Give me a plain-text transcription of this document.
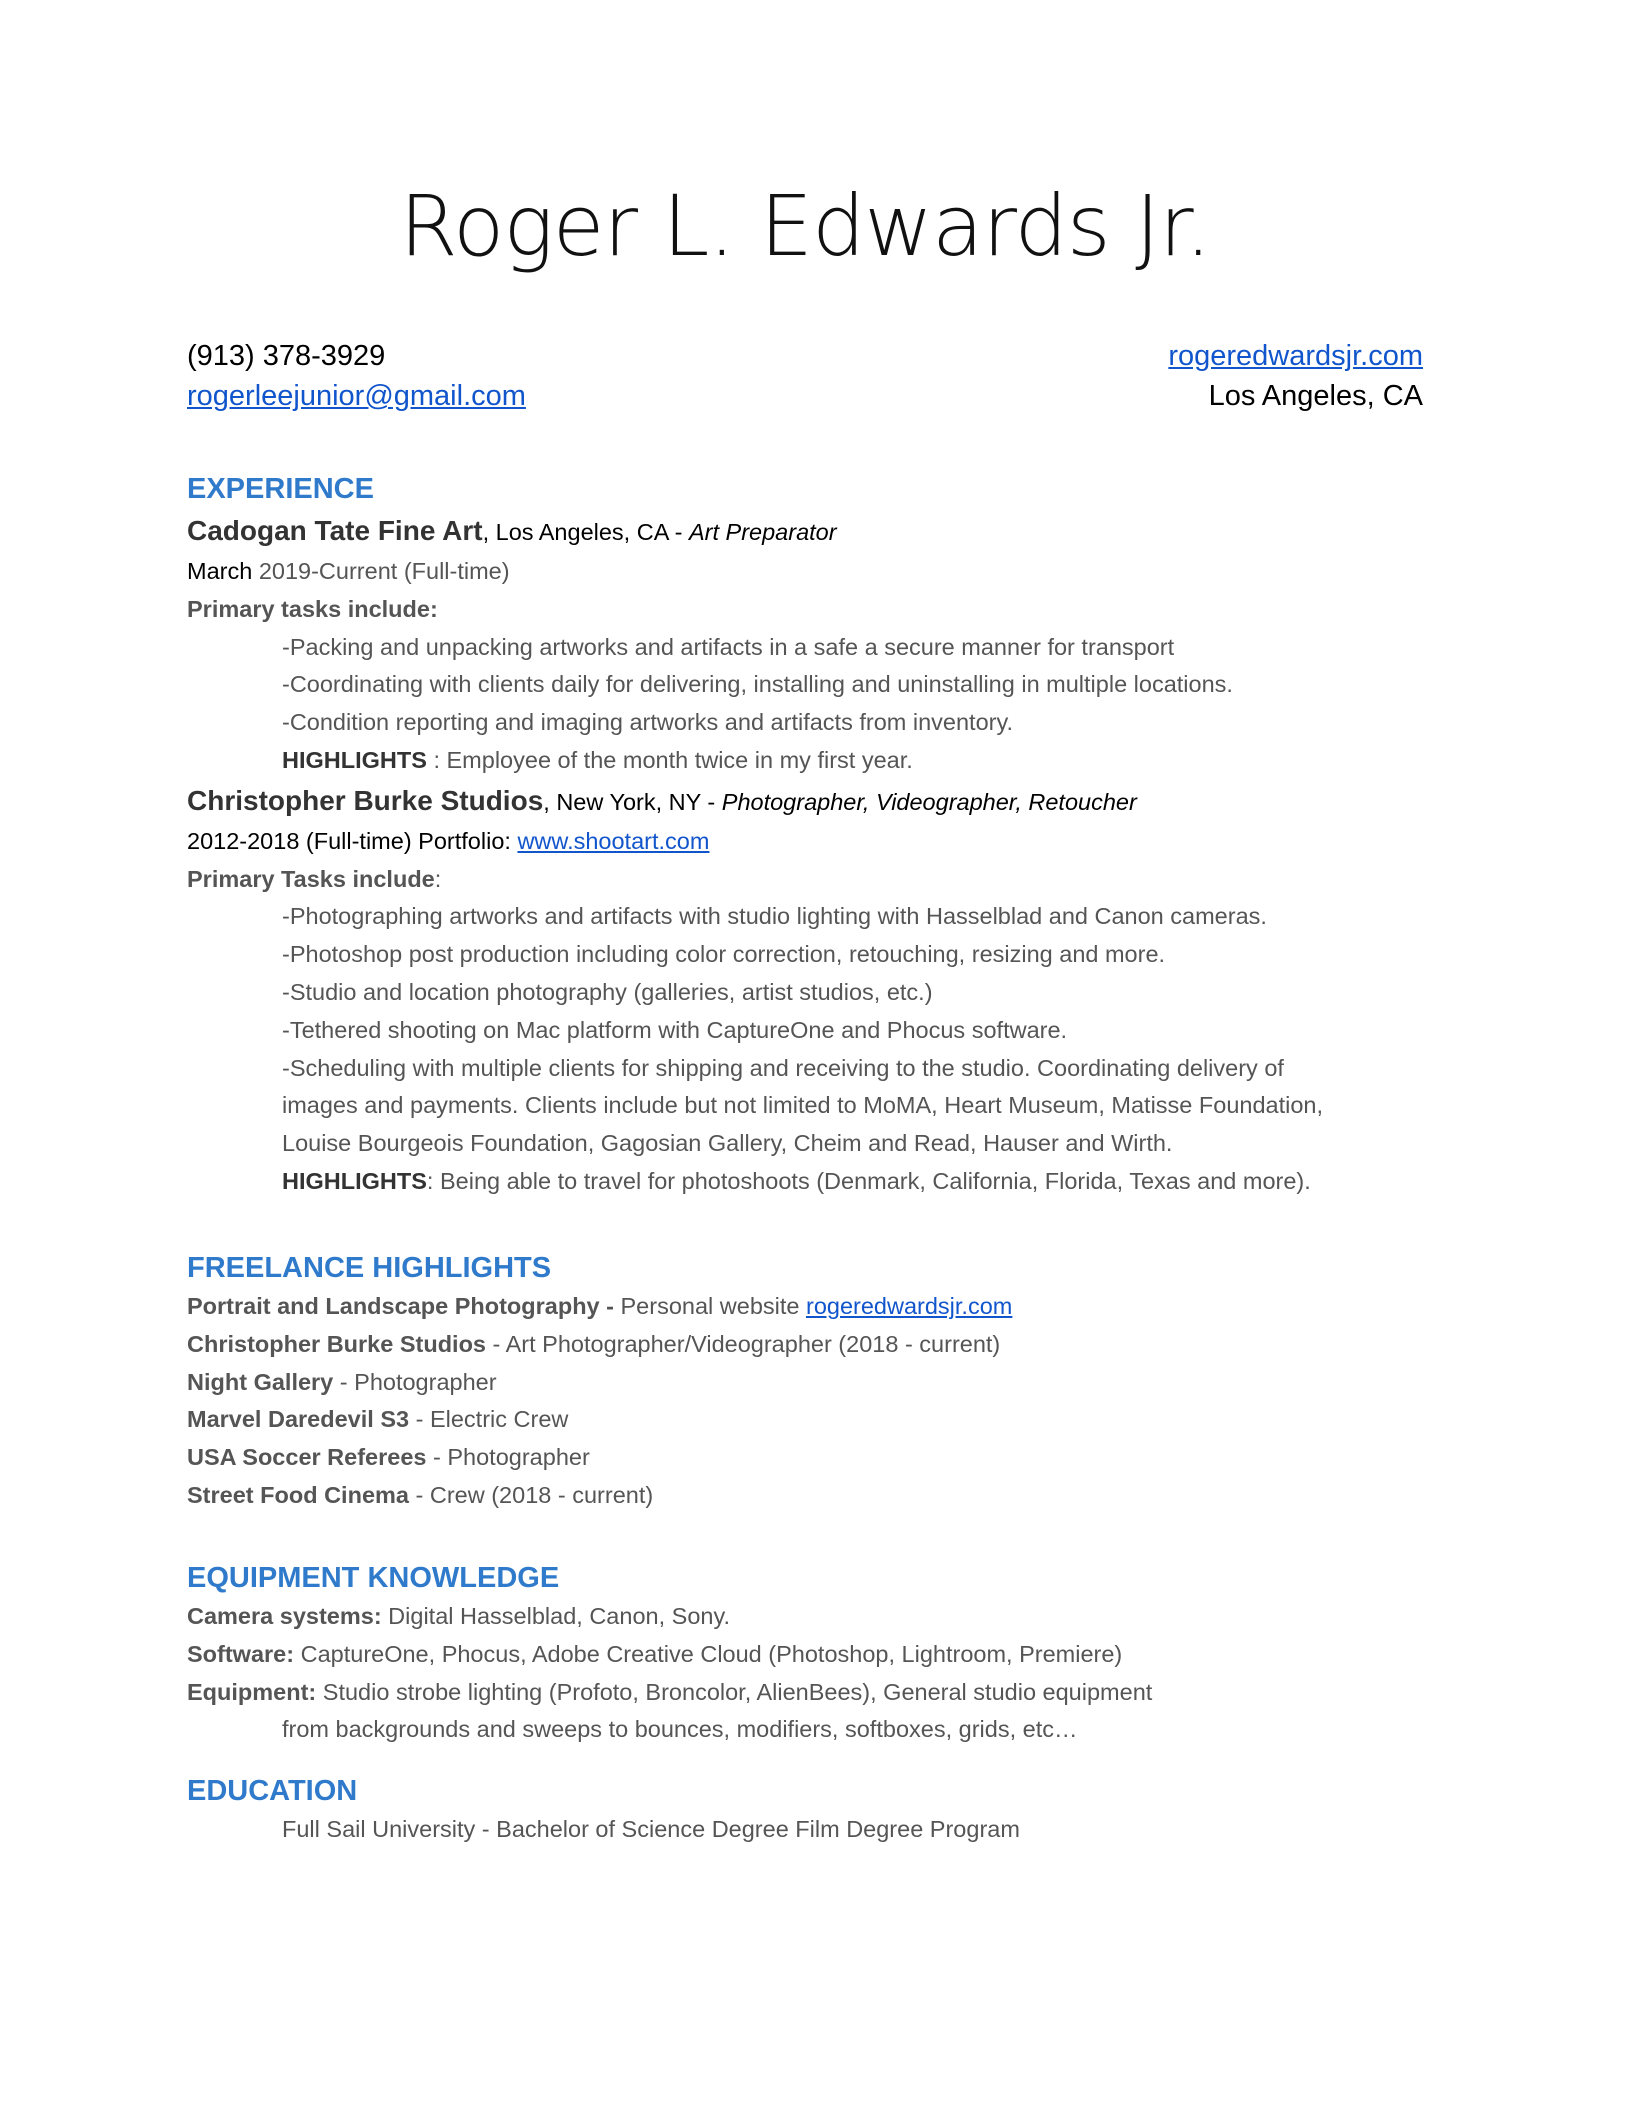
Roger L. Edwards Jr.
(913) 378-3929	rogeredwardsjr.com
rogerleejunior@gmail.com	Los Angeles, CA
EXPERIENCE
Cadogan Tate Fine Art, Los Angeles, CA - Art Preparator
March 2019-Current (Full-time)
Primary tasks include:
-Packing and unpacking artworks and artifacts in a safe a secure manner for transport
-Coordinating with clients daily for delivering, installing and uninstalling in multiple locations.
-Condition reporting and imaging artworks and artifacts from inventory.
HIGHLIGHTS : Employee of the month twice in my first year.
Christopher Burke Studios, New York, NY - Photographer, Videographer, Retoucher
2012-2018 (Full-time) Portfolio: www.shootart.com
Primary Tasks include:
-Photographing artworks and artifacts with studio lighting with Hasselblad and Canon cameras.
-Photoshop post production including color correction, retouching, resizing and more.
-Studio and location photography (galleries, artist studios, etc.)
-Tethered shooting on Mac platform with CaptureOne and Phocus software.
-Scheduling with multiple clients for shipping and receiving to the studio. Coordinating delivery of
images and payments. Clients include but not limited to MoMA, Heart Museum, Matisse Foundation,
Louise Bourgeois Foundation, Gagosian Gallery, Cheim and Read, Hauser and Wirth.
HIGHLIGHTS: Being able to travel for photoshoots (Denmark, California, Florida, Texas and more).
FREELANCE HIGHLIGHTS
Portrait and Landscape Photography - Personal website rogeredwardsjr.com
Christopher Burke Studios - Art Photographer/Videographer (2018 - current)
Night Gallery - Photographer
Marvel Daredevil S3 - Electric Crew
USA Soccer Referees - Photographer
Street Food Cinema - Crew (2018 - current)
EQUIPMENT KNOWLEDGE
Camera systems: Digital Hasselblad, Canon, Sony.
Software: CaptureOne, Phocus, Adobe Creative Cloud (Photoshop, Lightroom, Premiere)
Equipment: Studio strobe lighting (Profoto, Broncolor, AlienBees), General studio equipment
from backgrounds and sweeps to bounces, modifiers, softboxes, grids, etc…
EDUCATION
Full Sail University - Bachelor of Science Degree Film Degree Program
